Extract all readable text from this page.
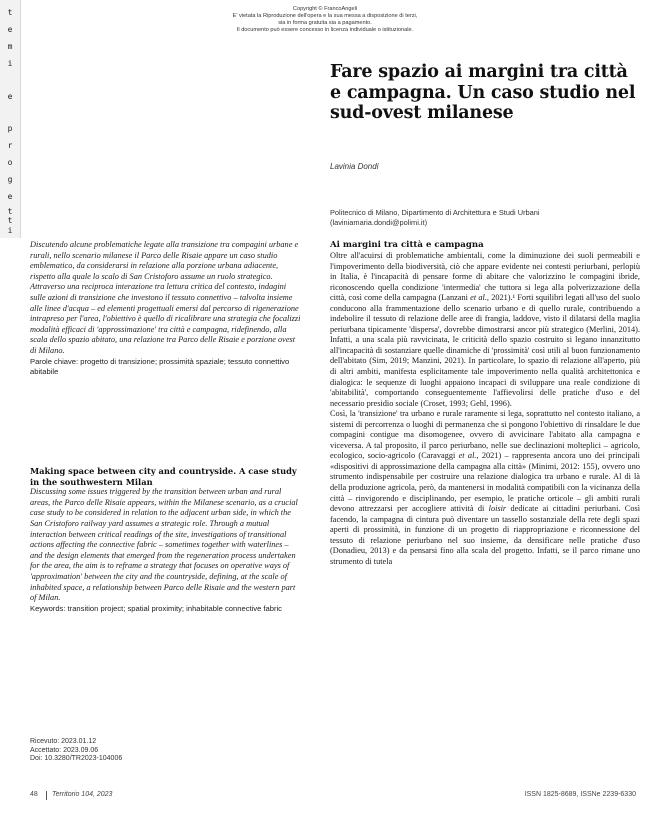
Copyright © FrancoAngeli
E' vietata la Riproduzione dell'opera e la sua messa a disposizione di terzi,
sia in forma gratuita sia a pagamento.
Il documento può essere concesso in licenza individuale o istituzionale.
t
e
m
i
e
p
r
o
g
e
t
t
i
Fare spazio ai margini tra città e campagna. Un caso studio nel sud-ovest milanese
Lavinia Dondi
Politecnico di Milano, Dipartimento di Architettura e Studi Urbani
(laviniamaria.dondi@polimi.it)

Discutendo alcune problematiche legate alla transizione tra compagini urbane e rurali, nello scenario milanese il Parco delle Risaie appare un caso studio emblematico, da considerarsi in relazione alla porzione urbana adiacente, rispetto alla quale lo scalo di San Cristoforo assume un ruolo strategico. Attraverso una reciproca interazione tra lettura critica del contesto, indagini sulle azioni di transizione che investono il tessuto connettivo – talvolta insieme alle linee d'acqua – ed elementi progettuali emersi dal percorso di rigenerazione intrapreso per l'area, l'obiettivo è quello di ricalibrare una strategia che focalizzi modalità efficaci di 'approssimazione' tra città e campagna, ridefinendo, alla scala dello spazio abitato, una relazione tra Parco delle Risaie e porzione ovest di Milano.

Parole chiave: progetto di transizione; prossimità spaziale; tessuto connettivo abitabile
Making space between city and countryside. A case study in the southwestern Milan
Discussing some issues triggered by the transition between urban and rural areas, the Parco delle Risaie appears, within the Milanese scenario, as a crucial case study to be considered in relation to the adjacent urban side, in which the San Cristoforo railway yard assumes a strategic role. Through a mutual interaction between critical readings of the site, investigations of transitional actions affecting the connective fabric – sometimes together with waterlines – and the design elements that emerged from the regeneration process undertaken for the area, the aim is to reframe a strategy that focuses on operative ways of 'approximation' between the city and the countryside, defining, at the scale of inhabited space, a relationship between Parco delle Risaie and the western part of Milan.
Keywords: transition project; spatial proximity; inhabitable connective fabric
Ricevuto: 2023.01.12
Accettato: 2023.09.06
Doi: 10.3280/TR2023-104006
Ai margini tra città e campagna

Oltre all'acuirsi di problematiche ambientali, come la diminuzione dei suoli permeabili e l'impoverimento della biodiversità, ciò che appare evidente nei contesti periurbani, perlopiù in Italia, è l'incapacità di pensare forme di abitare che valorizzino le compagini ibride, riconoscendo quella condizione 'intermedia' che tuttora si lega alla polverizzazione della città, così come della campagna (Lanzani et al., 2021).¹ Forti squilibri legati all'uso del suolo conducono alla frammentazione dello scenario urbano e di quello rurale, contribuendo a indebolire il tessuto di relazione delle aree di frangia, laddove, visto il dilatarsi della maglia periurbana tipicamente 'dispersa', dovrebbe dimostrarsi ancor più strategico (Merlini, 2014). Infatti, a una scala più ravvicinata, le criticità dello spazio costruito si legano innanzitutto all'incapacità di sostanziare quelle dinamiche di 'prossimità' così utili al buon funzionamento dell'abitato (Sim, 2019; Manzini, 2021). In particolare, lo spazio di relazione all'aperto, più di altri ambiti, manifesta esplicitamente tale impoverimento nella qualità architettonica e dialogica: le sequenze di luoghi appaiono incapaci di sviluppare una reale condizione di 'abitabilità', comportando conseguentemente l'affievolirsi delle pratiche d'uso e del necessario presidio sociale (Croset, 1993; Gehl, 1996).

Così, la 'transizione' tra urbano e rurale raramente si lega, soprattutto nel contesto italiano, a sistemi di percorrenza o luoghi di permanenza che si pongono l'obiettivo di rinsaldare le due compagini contigue ma disomogenee, ovvero di avvicinare l'abitato alla campagna e viceversa. A tal proposito, il parco periurbano, nelle sue declinazioni molteplici – agricolo, ecologico, socio-agricolo (Caravaggi et al., 2021) – rappresenta ancora uno dei principali «dispositivi di approssimazione della campagna alla città» (Minimi, 2012: 155), ovvero uno strumento indispensabile per costruire una relazione dialogica tra urbano e rurale. Al di là della produzione agricola, però, da mantenersi in modalità compatibili con la vicinanza della città – rinvigorendo e disciplinando, per esempio, le pratiche orticole – gli ambiti rurali devono attrezzarsi per accogliere attività di loisir dedicate ai cittadini periurbani. Così facendo, la campagna di cintura può diventare un tassello sostanziale della rete degli spazi aperti di prossimità, in funzione di un progetto di riappropriazione e riconnessione del tessuto di relazione periurbano nel suo insieme, da densificare nelle pratiche d'uso (Donadieu, 2013) e da pensarsi fino alla scala del progetto. Infatti, se il parco rimane uno strumento di tutela

48 Territorio 104, 2023	ISSN 1825-8689, ISSNe 2239-6330
